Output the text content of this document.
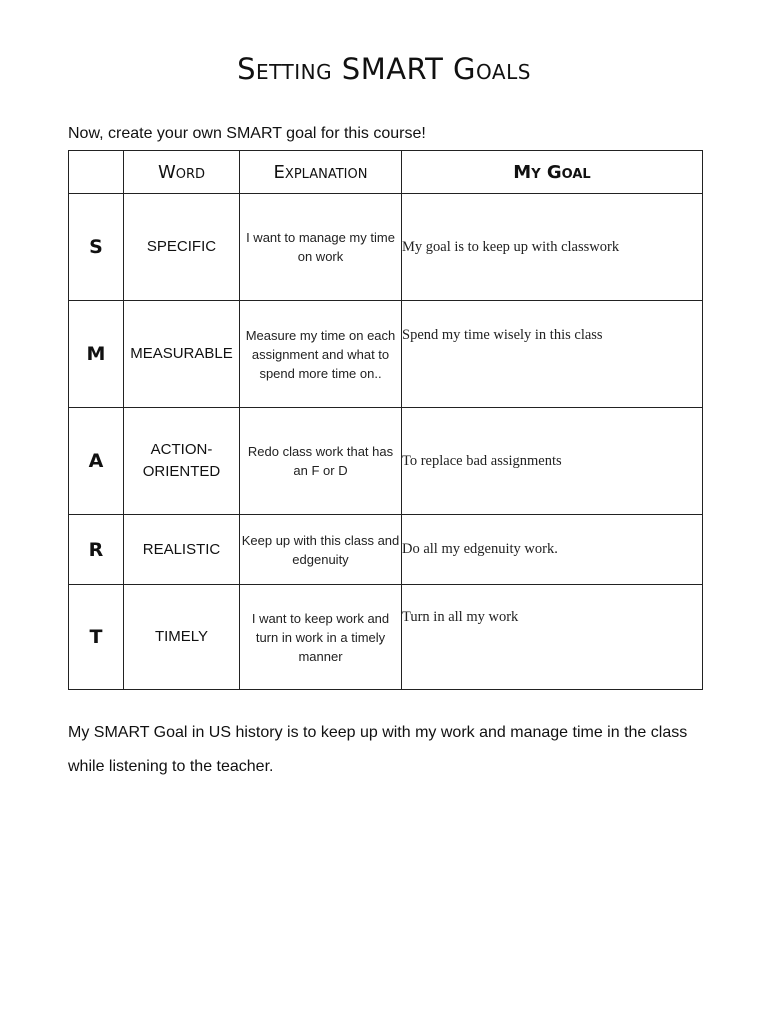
Setting SMART Goals
Now, create your own SMART goal for this course!
	Word	Explanation	My Goal
S	SPECIFIC	I want to manage my time on work	My goal is to keep up with classwork
M	MEASURABLE	Measure my time on each assignment and what to spend more time on..	Spend my time wisely in this class

A	ACTION-ORIENTED	Redo class work that has an F or D	To replace bad assignments
R	REALISTIC	Keep up with this class and edgenuity	Do all my edgenuity work.
T	TIMELY	I want to keep work and turn in work in a timely manner	Turn in all my work
My SMART Goal in US history is to keep up with my work and manage time in the class while listening to the teacher.
